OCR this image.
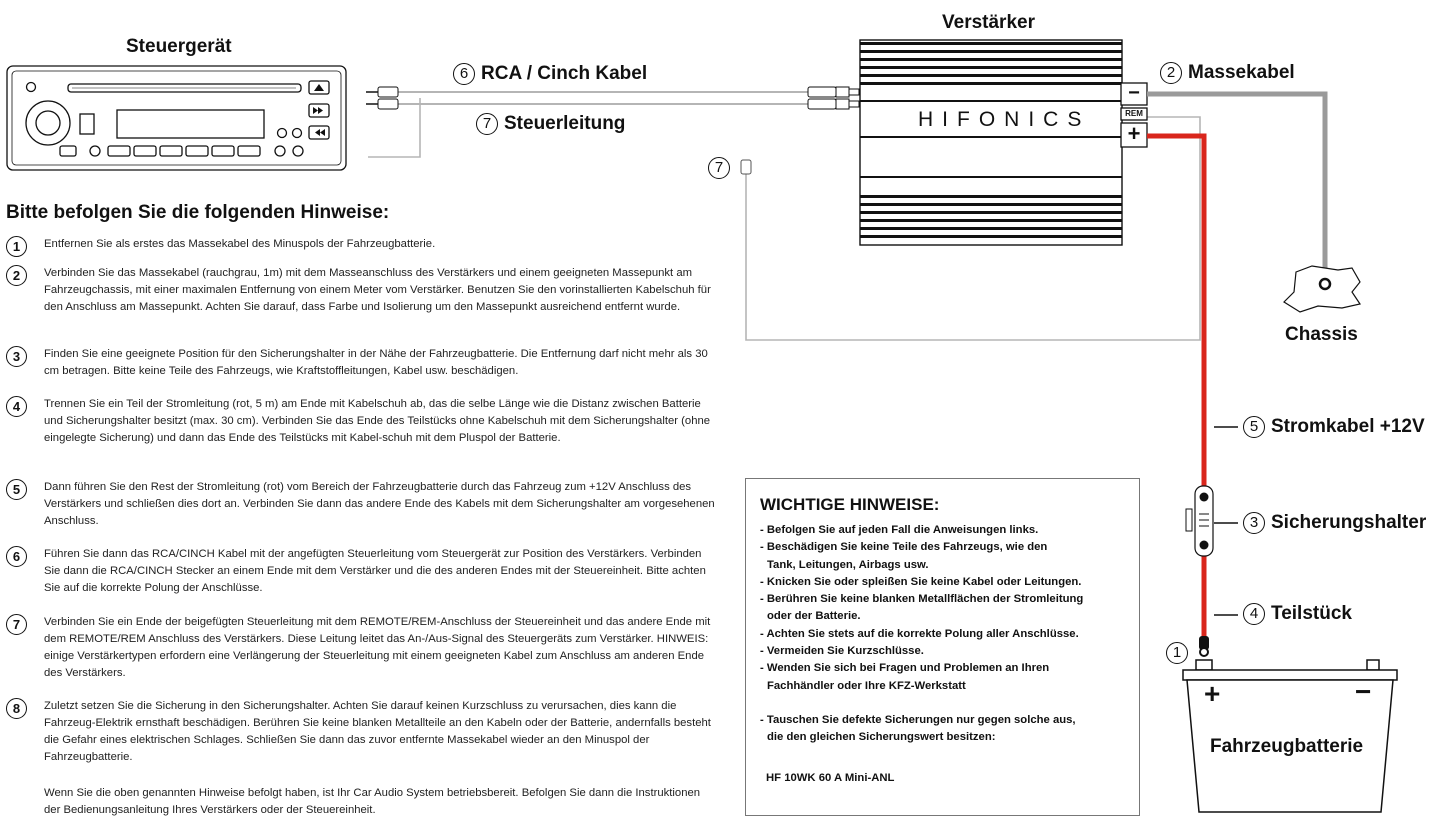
Steuergerät
Verstärker
HIFONICS
−
REM
+
6 RCA / Cinch Kabel
7 Steuerleitung
7
2 Massekabel
Chassis
5 Stromkabel +12V
3 Sicherungshalter
4 Teilstück
1
+	−
Fahrzeugbatterie
Bitte befolgen Sie die folgenden Hinweise:
1	Entfernen Sie als erstes das Massekabel des Minuspols der Fahrzeugbatterie.
2	Verbinden Sie das Massekabel (rauchgrau, 1m) mit dem Masseanschluss des Verstärkers und einem geeigneten Massepunkt am Fahrzeugchassis, mit einer maximalen Entfernung von einem Meter vom Verstärker. Benutzen Sie den vorinstallierten Kabelschuh für den Anschluss am Massepunkt. Achten Sie darauf, dass Farbe und Isolierung um den Massepunkt ausreichend entfernt wurde.
3	Finden Sie eine geeignete Position für den Sicherungshalter in der Nähe der Fahrzeugbatterie. Die Entfernung darf nicht mehr als 30 cm betragen. Bitte keine Teile des Fahrzeugs, wie Kraftstoffleitungen, Kabel usw. beschädigen.
4	Trennen Sie ein Teil der Stromleitung (rot, 5 m) am Ende mit Kabelschuh ab, das die selbe Länge wie die Distanz zwischen Batterie und Sicherungshalter besitzt (max. 30 cm). Verbinden Sie das Ende des Teilstücks ohne Kabelschuh mit dem Sicherungshalter (ohne eingelegte Sicherung) und dann das Ende des Teilstücks mit Kabel-schuh mit dem Pluspol der Batterie.
5	Dann führen Sie den Rest der Stromleitung (rot) vom Bereich der Fahrzeugbatterie durch das Fahrzeug zum +12V Anschluss des Verstärkers und schließen dies dort an. Verbinden Sie dann das andere Ende des Kabels mit dem Sicherungshalter am vorgesehenen Anschluss.
6	Führen Sie dann das RCA/CINCH Kabel mit der angefügten Steuerleitung vom Steuergerät zur Position des Verstärkers. Verbinden Sie dann die RCA/CINCH Stecker an einem Ende mit dem Verstärker und die des anderen Endes mit der Steuereinheit. Bitte achten Sie auf die korrekte Polung der Anschlüsse.
7	Verbinden Sie ein Ende der beigefügten Steuerleitung mit dem REMOTE/REM-Anschluss der Steuereinheit und das andere Ende mit dem REMOTE/REM Anschluss des Verstärkers. Diese Leitung leitet das An-/Aus-Signal des Steuergeräts zum Verstärker. HINWEIS: einige Verstärkertypen erfordern eine Verlängerung der Steuerleitung mit einem geeigneten Kabel zum Anschluss am anderen Ende des Verstärkers.
8	Zuletzt setzen Sie die Sicherung in den Sicherungshalter. Achten Sie darauf keinen Kurzschluss zu verursachen, dies kann die Fahrzeug-Elektrik ernsthaft beschädigen. Berühren Sie keine blanken Metallteile an den Kabeln oder der Batterie, andernfalls besteht die Gefahr eines elektrischen Schlages. Schließen Sie dann das zuvor entfernte Massekabel wieder an den Minuspol der Fahrzeugbatterie.
Wenn Sie die oben genannten Hinweise befolgt haben, ist Ihr Car Audio System betriebsbereit. Befolgen Sie dann die Instruktionen der Bedienungsanleitung Ihres Verstärkers oder der Steuereinheit.
WICHTIGE HINWEISE:
- Befolgen Sie auf jeden Fall die Anweisungen links.
- Beschädigen Sie keine Teile des Fahrzeugs, wie den
Tank, Leitungen, Airbags usw.
- Knicken Sie oder spleißen Sie keine Kabel oder Leitungen.
- Berühren Sie keine blanken Metallflächen der Stromleitung
oder der Batterie.
- Achten Sie stets auf die korrekte Polung aller Anschlüsse.
- Vermeiden Sie Kurzschlüsse.
- Wenden Sie sich bei Fragen und Problemen an Ihren
Fachhändler oder Ihre KFZ-Werkstatt
- Tauschen Sie defekte Sicherungen nur gegen solche aus,
die den gleichen Sicherungswert besitzen:
HF 10WK 60 A Mini-ANL
